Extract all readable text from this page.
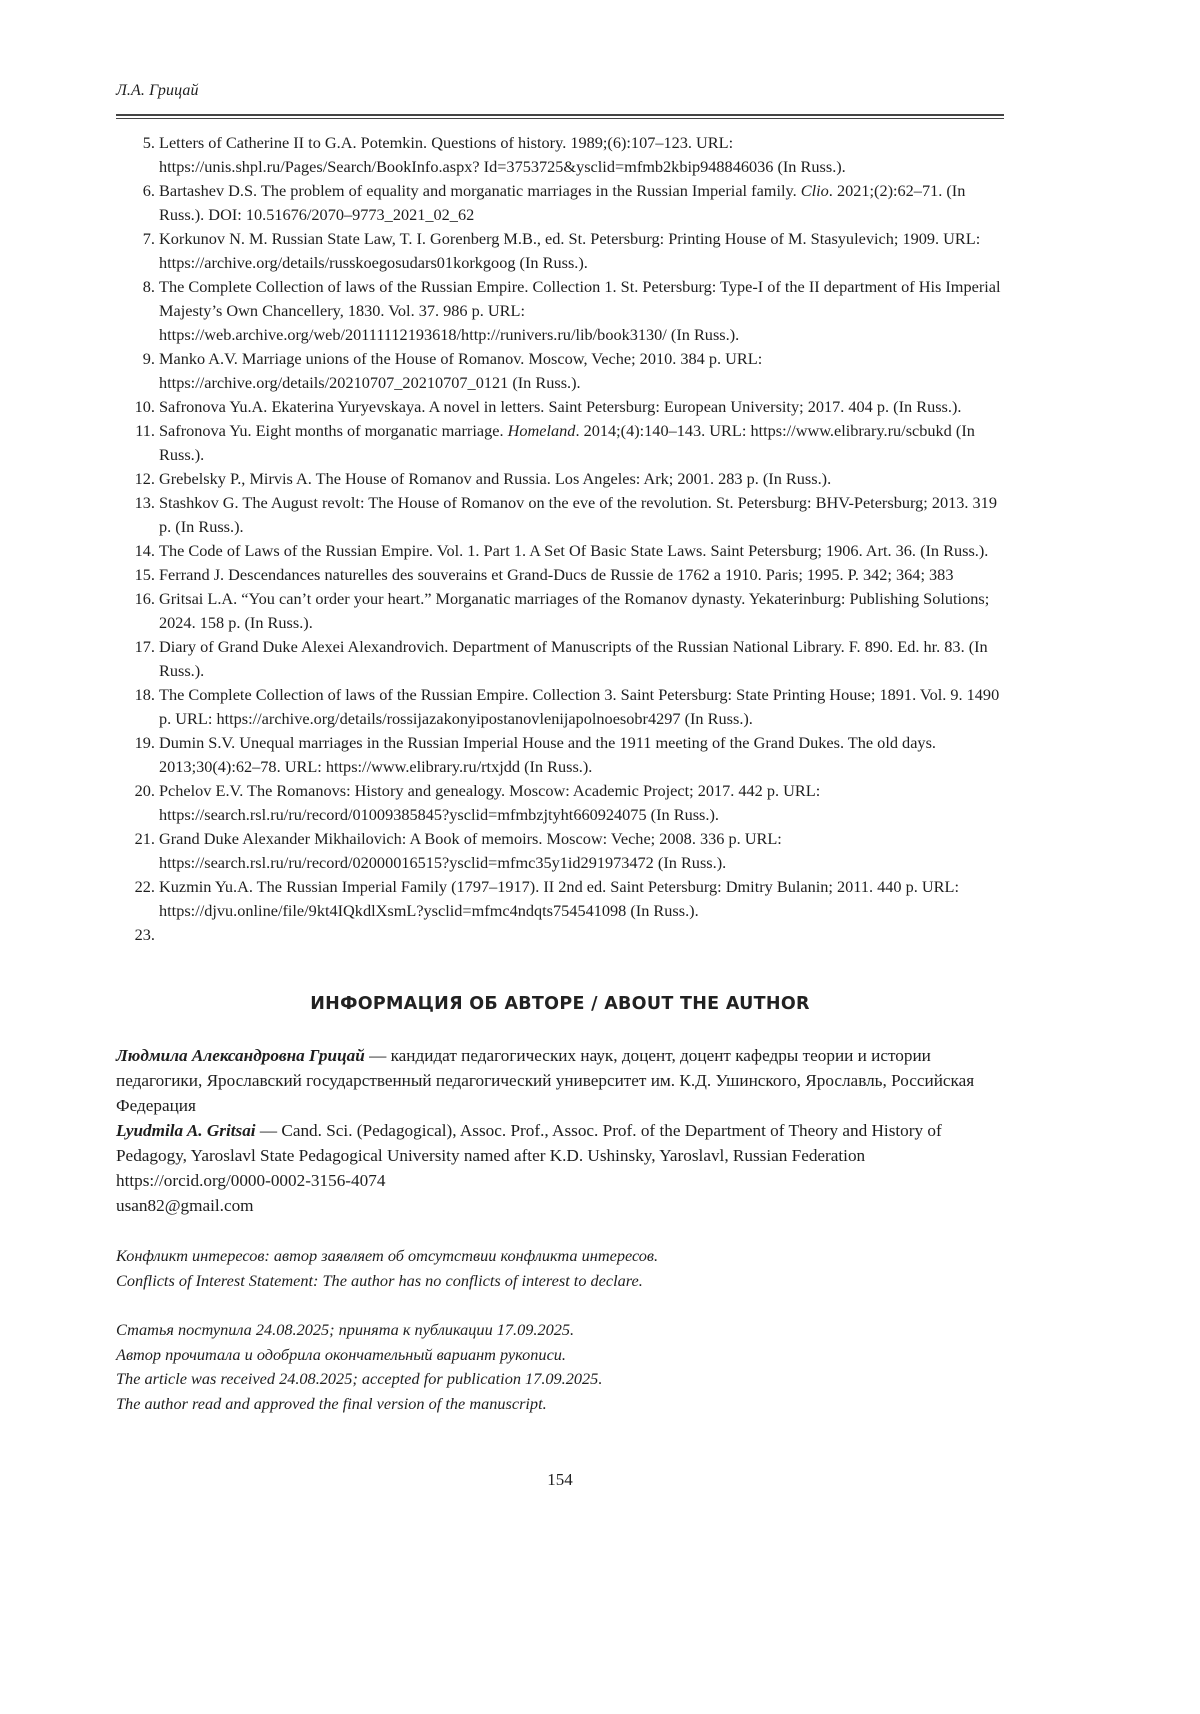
Л.А. Грицай
5. Letters of Catherine II to G.A. Potemkin. Questions of history. 1989;(6):107–123. URL: https://unis.shpl.ru/Pages/Search/BookInfo.aspx? Id=3753725&ysclid=mfmb2kbip948846036 (In Russ.).
6. Bartashev D.S. The problem of equality and morganatic marriages in the Russian Imperial family. Clio. 2021;(2):62–71. (In Russ.). DOI: 10.51676/2070–9773_2021_02_62
7. Korkunov N. M. Russian State Law, T. I. Gorenberg M.B., ed. St. Petersburg: Printing House of M. Stasyulevich; 1909. URL: https://archive.org/details/russkoegosudars01korkgoog (In Russ.).
8. The Complete Collection of laws of the Russian Empire. Collection 1. St. Petersburg: Type-I of the II department of His Imperial Majesty’s Own Chancellery, 1830. Vol. 37. 986 p. URL: https://web.archive.org/web/20111112193618/http://runivers.ru/lib/book3130/ (In Russ.).
9. Manko A.V. Marriage unions of the House of Romanov. Moscow, Veche; 2010. 384 p. URL: https://archive.org/details/20210707_20210707_0121 (In Russ.).
10. Safronova Yu.A. Ekaterina Yuryevskaya. A novel in letters. Saint Petersburg: European University; 2017. 404 p. (In Russ.).
11. Safronova Yu. Eight months of morganatic marriage. Homeland. 2014;(4):140–143. URL: https://www.elibrary.ru/scbukd (In Russ.).
12. Grebelsky P., Mirvis A. The House of Romanov and Russia. Los Angeles: Ark; 2001. 283 p. (In Russ.).
13. Stashkov G. The August revolt: The House of Romanov on the eve of the revolution. St. Petersburg: BHV-Petersburg; 2013. 319 p. (In Russ.).
14. The Code of Laws of the Russian Empire. Vol. 1. Part 1. A Set Of Basic State Laws. Saint Petersburg; 1906. Art. 36. (In Russ.).
15. Ferrand J. Descendances naturelles des souverains et Grand-Ducs de Russie de 1762 a 1910. Paris; 1995. P. 342; 364; 383
16. Gritsai L.A. “You can’t order your heart.” Morganatic marriages of the Romanov dynasty. Yekaterinburg: Publishing Solutions; 2024. 158 p. (In Russ.).
17. Diary of Grand Duke Alexei Alexandrovich. Department of Manuscripts of the Russian National Library. F. 890. Ed. hr. 83. (In Russ.).
18. The Complete Collection of laws of the Russian Empire. Collection 3. Saint Petersburg: State Printing House; 1891. Vol. 9. 1490 p. URL: https://archive.org/details/rossijazakonyipostanovlenijapolnoesobr4297 (In Russ.).
19. Dumin S.V. Unequal marriages in the Russian Imperial House and the 1911 meeting of the Grand Dukes. The old days. 2013;30(4):62–78. URL: https://www.elibrary.ru/rtxjdd (In Russ.).
20. Pchelov E.V. The Romanovs: History and genealogy. Moscow: Academic Project; 2017. 442 p. URL: https://search.rsl.ru/ru/record/01009385845?ysclid=mfmbzjtyht660924075 (In Russ.).
21. Grand Duke Alexander Mikhailovich: A Book of memoirs. Moscow: Veche; 2008. 336 p. URL: https://search.rsl.ru/ru/record/02000016515?ysclid=mfmc35y1id291973472 (In Russ.).
22. Kuzmin Yu.A. The Russian Imperial Family (1797–1917). II 2nd ed. Saint Petersburg: Dmitry Bulanin; 2011. 440 p. URL: https://djvu.online/file/9kt4IQkdlXsmL?ysclid=mfmc4ndqts754541098 (In Russ.).
23.
ИНФОРМАЦИЯ ОБ АВТОРЕ / ABOUT THE AUTHOR

Людмила Александровна Грицай — кандидат педагогических наук, доцент, доцент кафедры теории и истории педагогики, Ярославский государственный педагогический университет им. К.Д. Ушинского, Ярославль, Российская Федерация

Lyudmila A. Gritsai — Cand. Sci. (Pedagogical), Assoc. Prof., Assoc. Prof. of the Department of Theory and History of Pedagogy, Yaroslavl State Pedagogical University named after K.D. Ushinsky, Yaroslavl, Russian Federation

https://orcid.org/0000-0002-3156-4074

usan82@gmail.com

Конфликт интересов: автор заявляет об отсутствии конфликта интересов.

Conflicts of Interest Statement: The author has no conflicts of interest to declare.

Статья поступила 24.08.2025; принята к публикации 17.09.2025.

Автор прочитала и одобрила окончательный вариант рукописи.

The article was received 24.08.2025; accepted for publication 17.09.2025.

The author read and approved the final version of the manuscript.

154
